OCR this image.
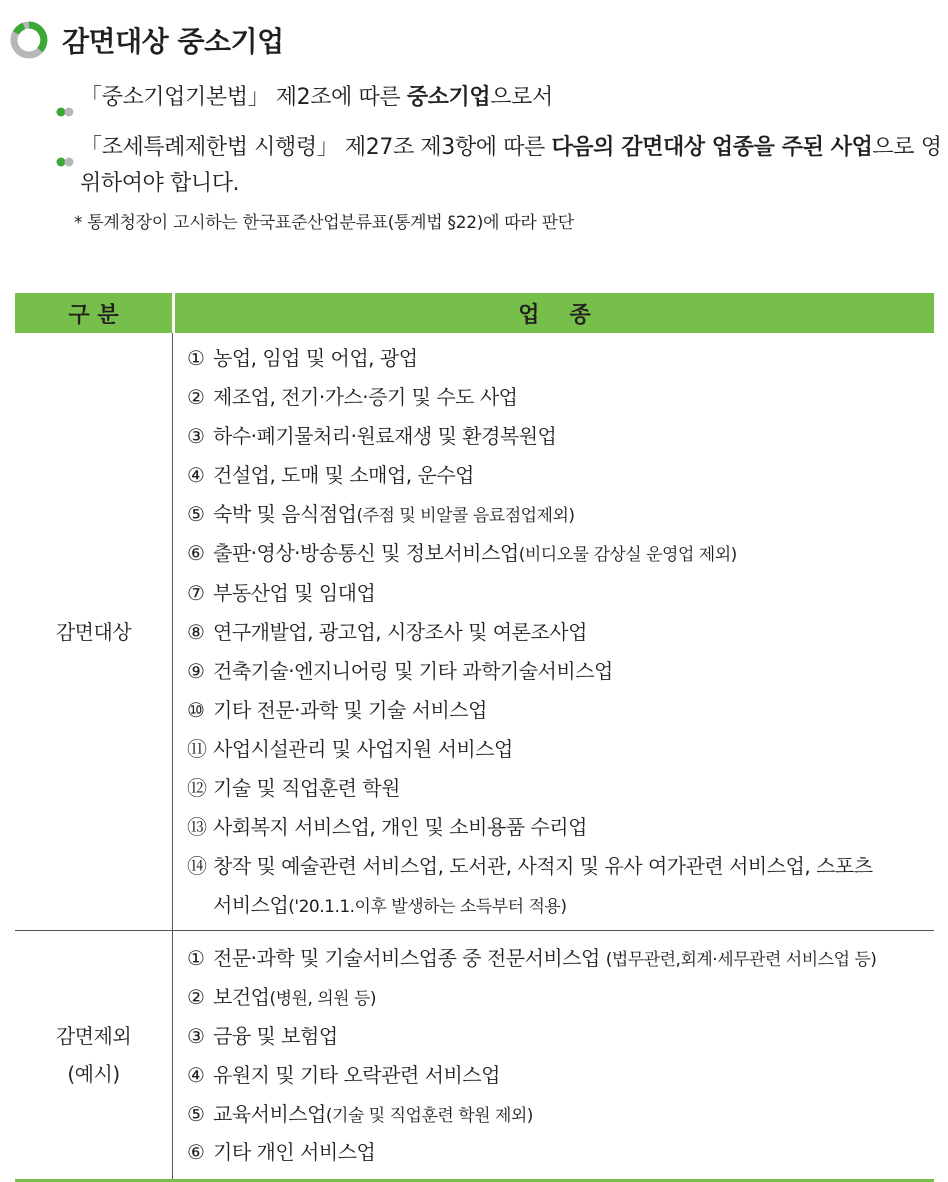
감면대상 중소기업
「중소기업기본법」 제2조에 따른 중소기업으로서
「조세특례제한법 시행령」 제27조 제3항에 따른 다음의 감면대상 업종을 주된 사업으로 영위하여야 합니다.
* 통계청장이 고시하는 한국표준산업분류표(통계법 §22)에 따라 판단
구 분	업종
감면대상
① 농업, 임업 및 어업, 광업
② 제조업, 전기·가스·증기 및 수도 사업
③ 하수·폐기물처리·원료재생 및 환경복원업
④ 건설업, 도매 및 소매업, 운수업
⑤ 숙박 및 음식점업(주점 및 비알콜 음료점업제외)
⑥ 출판·영상·방송통신 및 정보서비스업(비디오물 감상실 운영업 제외)
⑦ 부동산업 및 임대업
⑧ 연구개발업, 광고업, 시장조사 및 여론조사업
⑨ 건축기술·엔지니어링 및 기타 과학기술서비스업
⑩ 기타 전문·과학 및 기술 서비스업
⑪ 사업시설관리 및 사업지원 서비스업
⑫ 기술 및 직업훈련 학원
⑬ 사회복지 서비스업, 개인 및 소비용품 수리업
⑭ 창작 및 예술관련 서비스업, 도서관, 사적지 및 유사 여가관련 서비스업, 스포츠
서비스업('20.1.1.이후 발생하는 소득부터 적용)
감면제외
(예시)
① 전문·과학 및 기술서비스업종 중 전문서비스업 (법무관련,회계·세무관련 서비스업 등)
② 보건업(병원, 의원 등)
③ 금융 및 보험업
④ 유원지 및 기타 오락관련 서비스업
⑤ 교육서비스업(기술 및 직업훈련 학원 제외)
⑥ 기타 개인 서비스업
